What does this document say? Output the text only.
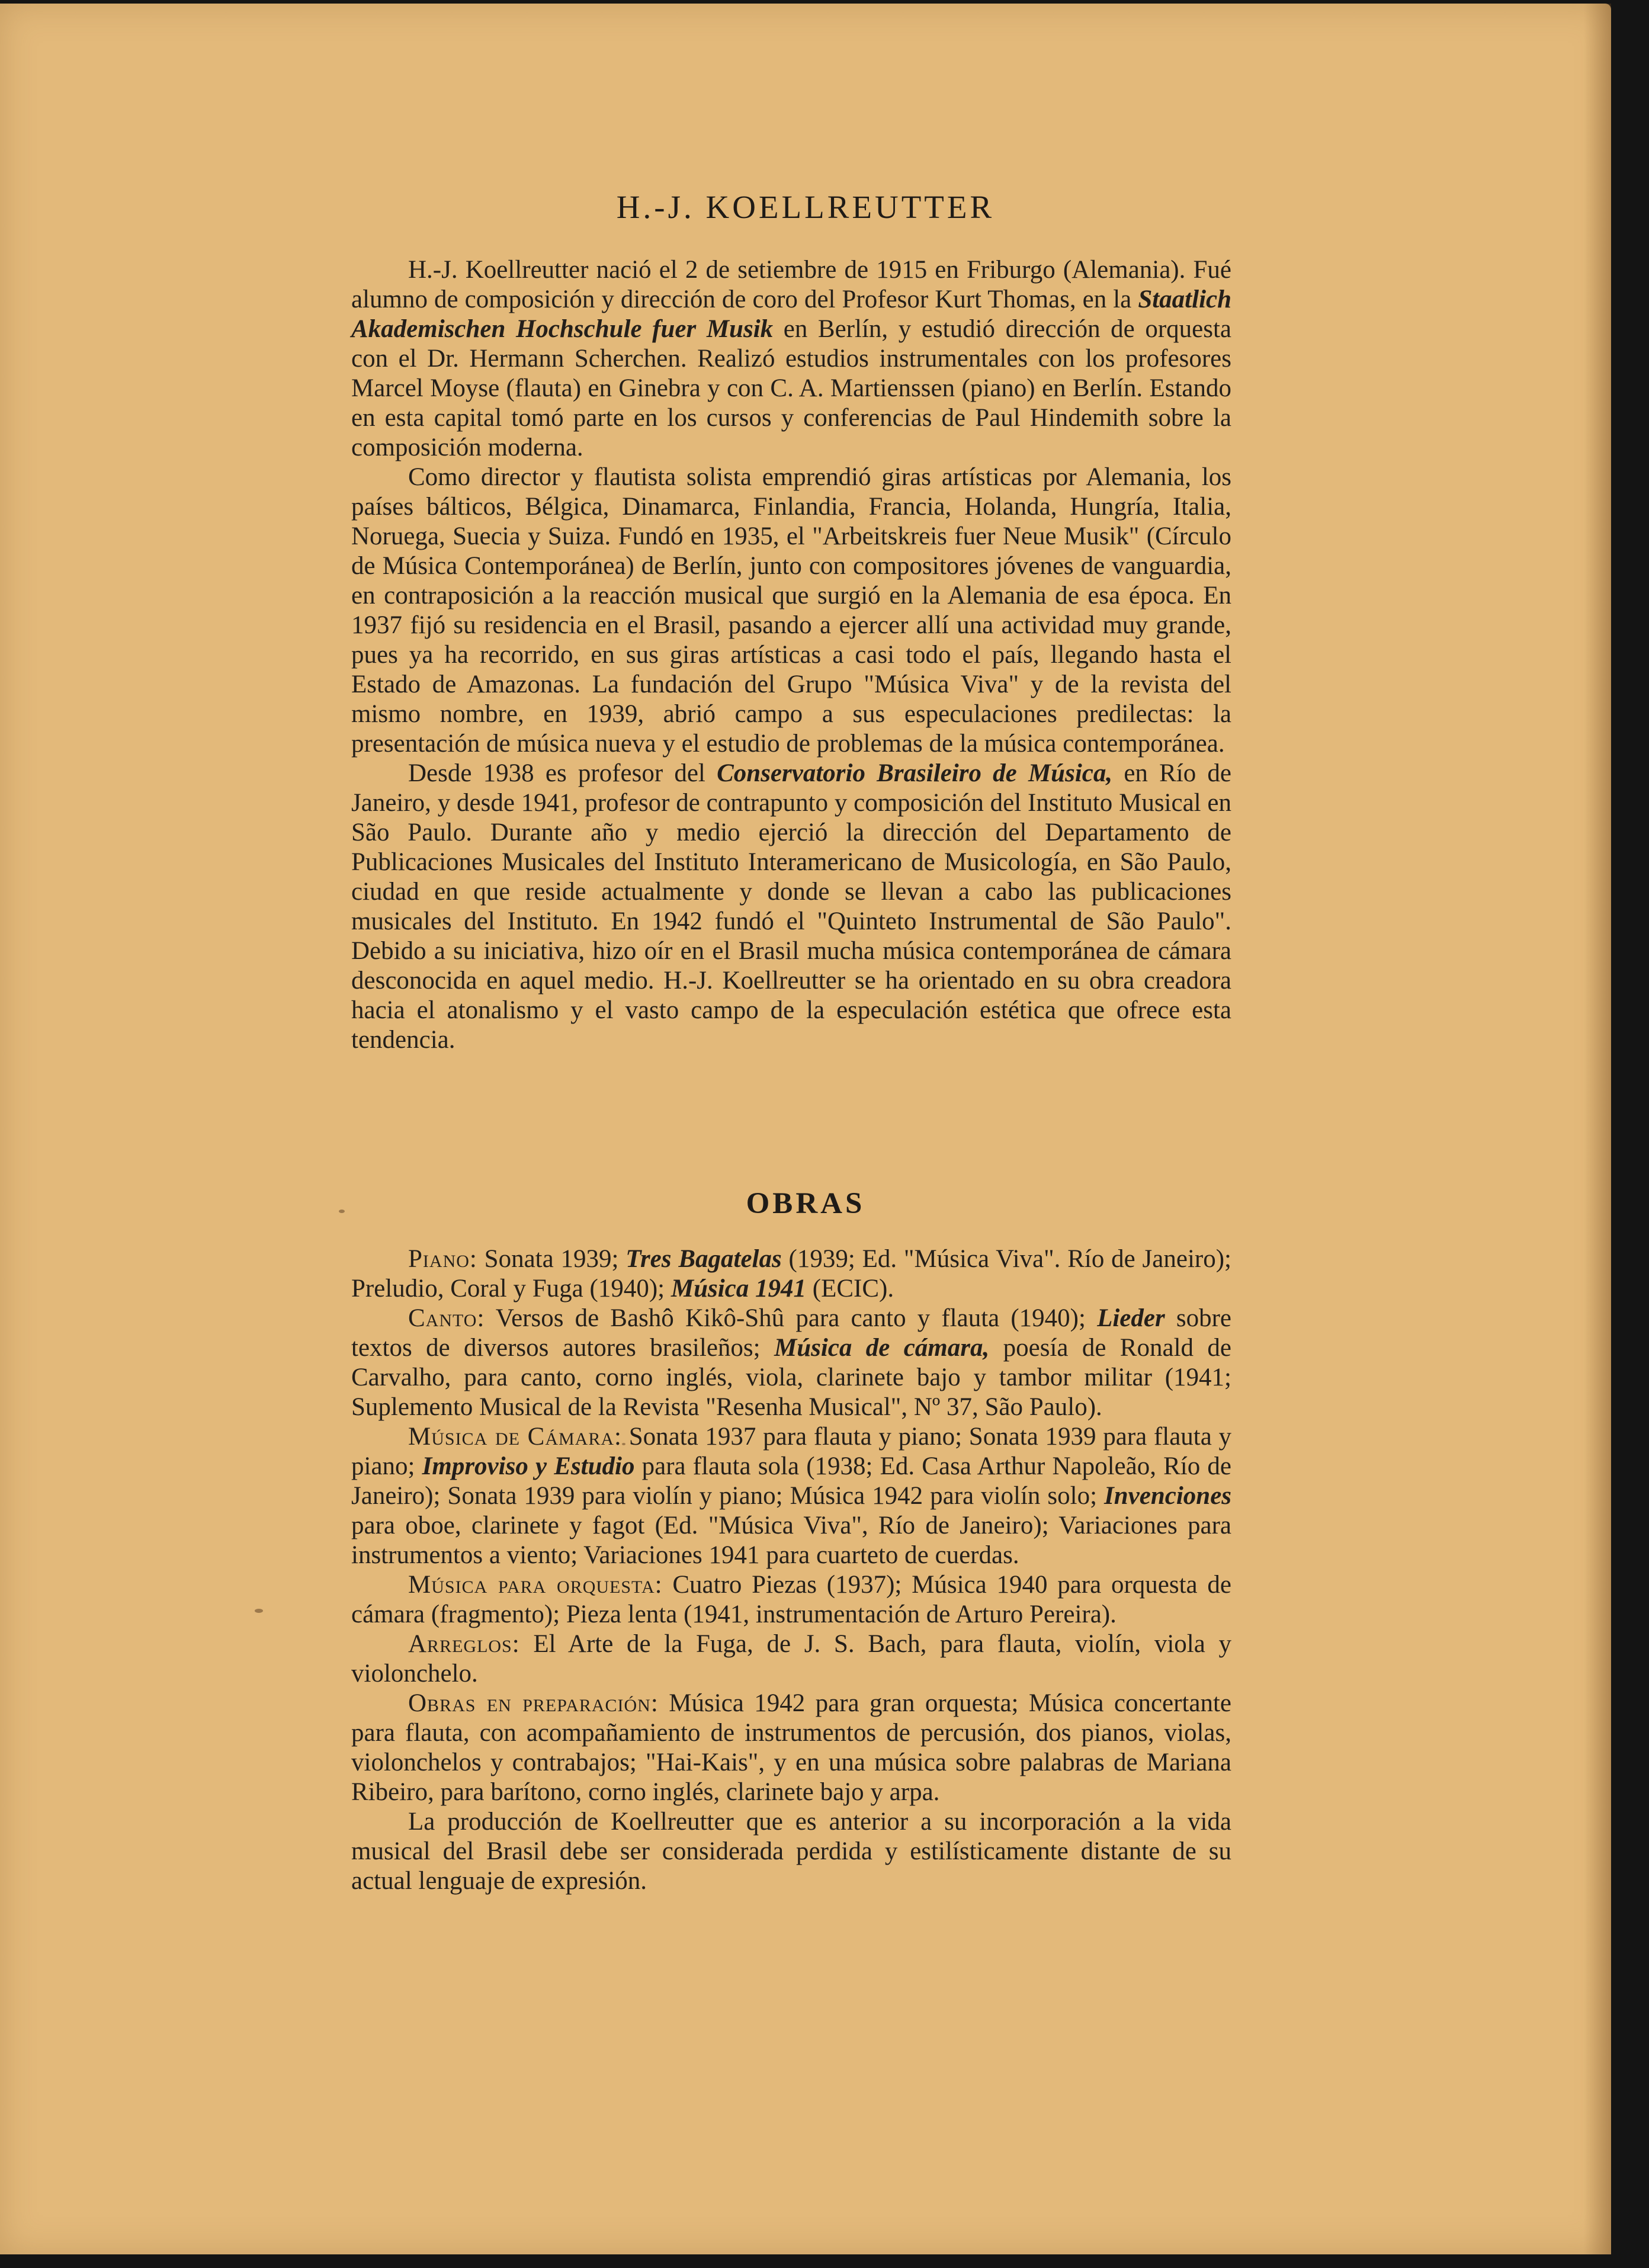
H.-J. KOELLREUTTER

H.-J. Koellreutter nació el 2 de setiembre de 1915 en Friburgo (Alemania). Fué alumno de composición y dirección de coro del Profesor Kurt Thomas, en la Staatlich Akademischen Hochschule fuer Musik en Berlín, y estudió dirección de orquesta con el Dr. Hermann Scherchen. Realizó estudios instrumentales con los profesores Marcel Moyse (flauta) en Ginebra y con C. A. Martienssen (piano) en Berlín. Estando en esta capital tomó parte en los cursos y conferencias de Paul Hindemith sobre la composición moderna.

Como director y flautista solista emprendió giras artísticas por Alemania, los países bálticos, Bélgica, Dinamarca, Finlandia, Francia, Holanda, Hungría, Italia, Noruega, Suecia y Suiza. Fundó en 1935, el "Arbeitskreis fuer Neue Musik" (Círculo de Música Contemporánea) de Berlín, junto con compositores jóvenes de vanguardia, en contraposición a la reacción musical que surgió en la Alemania de esa época. En 1937 fijó su residencia en el Brasil, pasando a ejercer allí una actividad muy grande, pues ya ha recorrido, en sus giras artísticas a casi todo el país, llegando hasta el Estado de Amazonas. La fundación del Grupo "Música Viva" y de la revista del mismo nombre, en 1939, abrió campo a sus especulaciones predilectas: la presentación de música nueva y el estudio de problemas de la música contemporánea.

Desde 1938 es profesor del Conservatorio Brasileiro de Música, en Río de Janeiro, y desde 1941, profesor de contrapunto y composición del Instituto Musical en São Paulo. Durante año y medio ejerció la dirección del Departamento de Publicaciones Musicales del Instituto Interamericano de Musicología, en São Paulo, ciudad en que reside actualmente y donde se llevan a cabo las publicaciones musicales del Instituto. En 1942 fundó el "Quinteto Instrumental de São Paulo". Debido a su iniciativa, hizo oír en el Brasil mucha música contemporánea de cámara desconocida en aquel medio. H.-J. Koellreutter se ha orientado en su obra creadora hacia el atonalismo y el vasto campo de la especulación estética que ofrece esta tendencia.

OBRAS

Piano: Sonata 1939; Tres Bagatelas (1939; Ed. "Música Viva". Río de Janeiro); Preludio, Coral y Fuga (1940); Música 1941 (ECIC).

Canto: Versos de Bashô Kikô-Shû para canto y flauta (1940); Lieder sobre textos de diversos autores brasileños; Música de cámara, poesía de Ronald de Carvalho, para canto, corno inglés, viola, clarinete bajo y tambor militar (1941; Suplemento Musical de la Revista "Resenha Musical", Nº 37, São Paulo).

Música de Cámara: Sonata 1937 para flauta y piano; Sonata 1939 para flauta y piano; Improviso y Estudio para flauta sola (1938; Ed. Casa Arthur Napoleão, Río de Janeiro); Sonata 1939 para violín y piano; Música 1942 para violín solo; Invenciones para oboe, clarinete y fagot (Ed. "Música Viva", Río de Janeiro); Variaciones para instrumentos a viento; Variaciones 1941 para cuarteto de cuerdas.

Música para orquesta: Cuatro Piezas (1937); Música 1940 para orquesta de cámara (fragmento); Pieza lenta (1941, instrumentación de Arturo Pereira).

Arreglos: El Arte de la Fuga, de J. S. Bach, para flauta, violín, viola y violonchelo.

Obras en preparación: Música 1942 para gran orquesta; Música concertante para flauta, con acompañamiento de instrumentos de percusión, dos pianos, violas, violonchelos y contrabajos; "Hai-Kais", y en una música sobre palabras de Mariana Ribeiro, para barítono, corno inglés, clarinete bajo y arpa.

La producción de Koellreutter que es anterior a su incorporación a la vida musical del Brasil debe ser considerada perdida y estilísticamente distante de su actual lenguaje de expresión.
